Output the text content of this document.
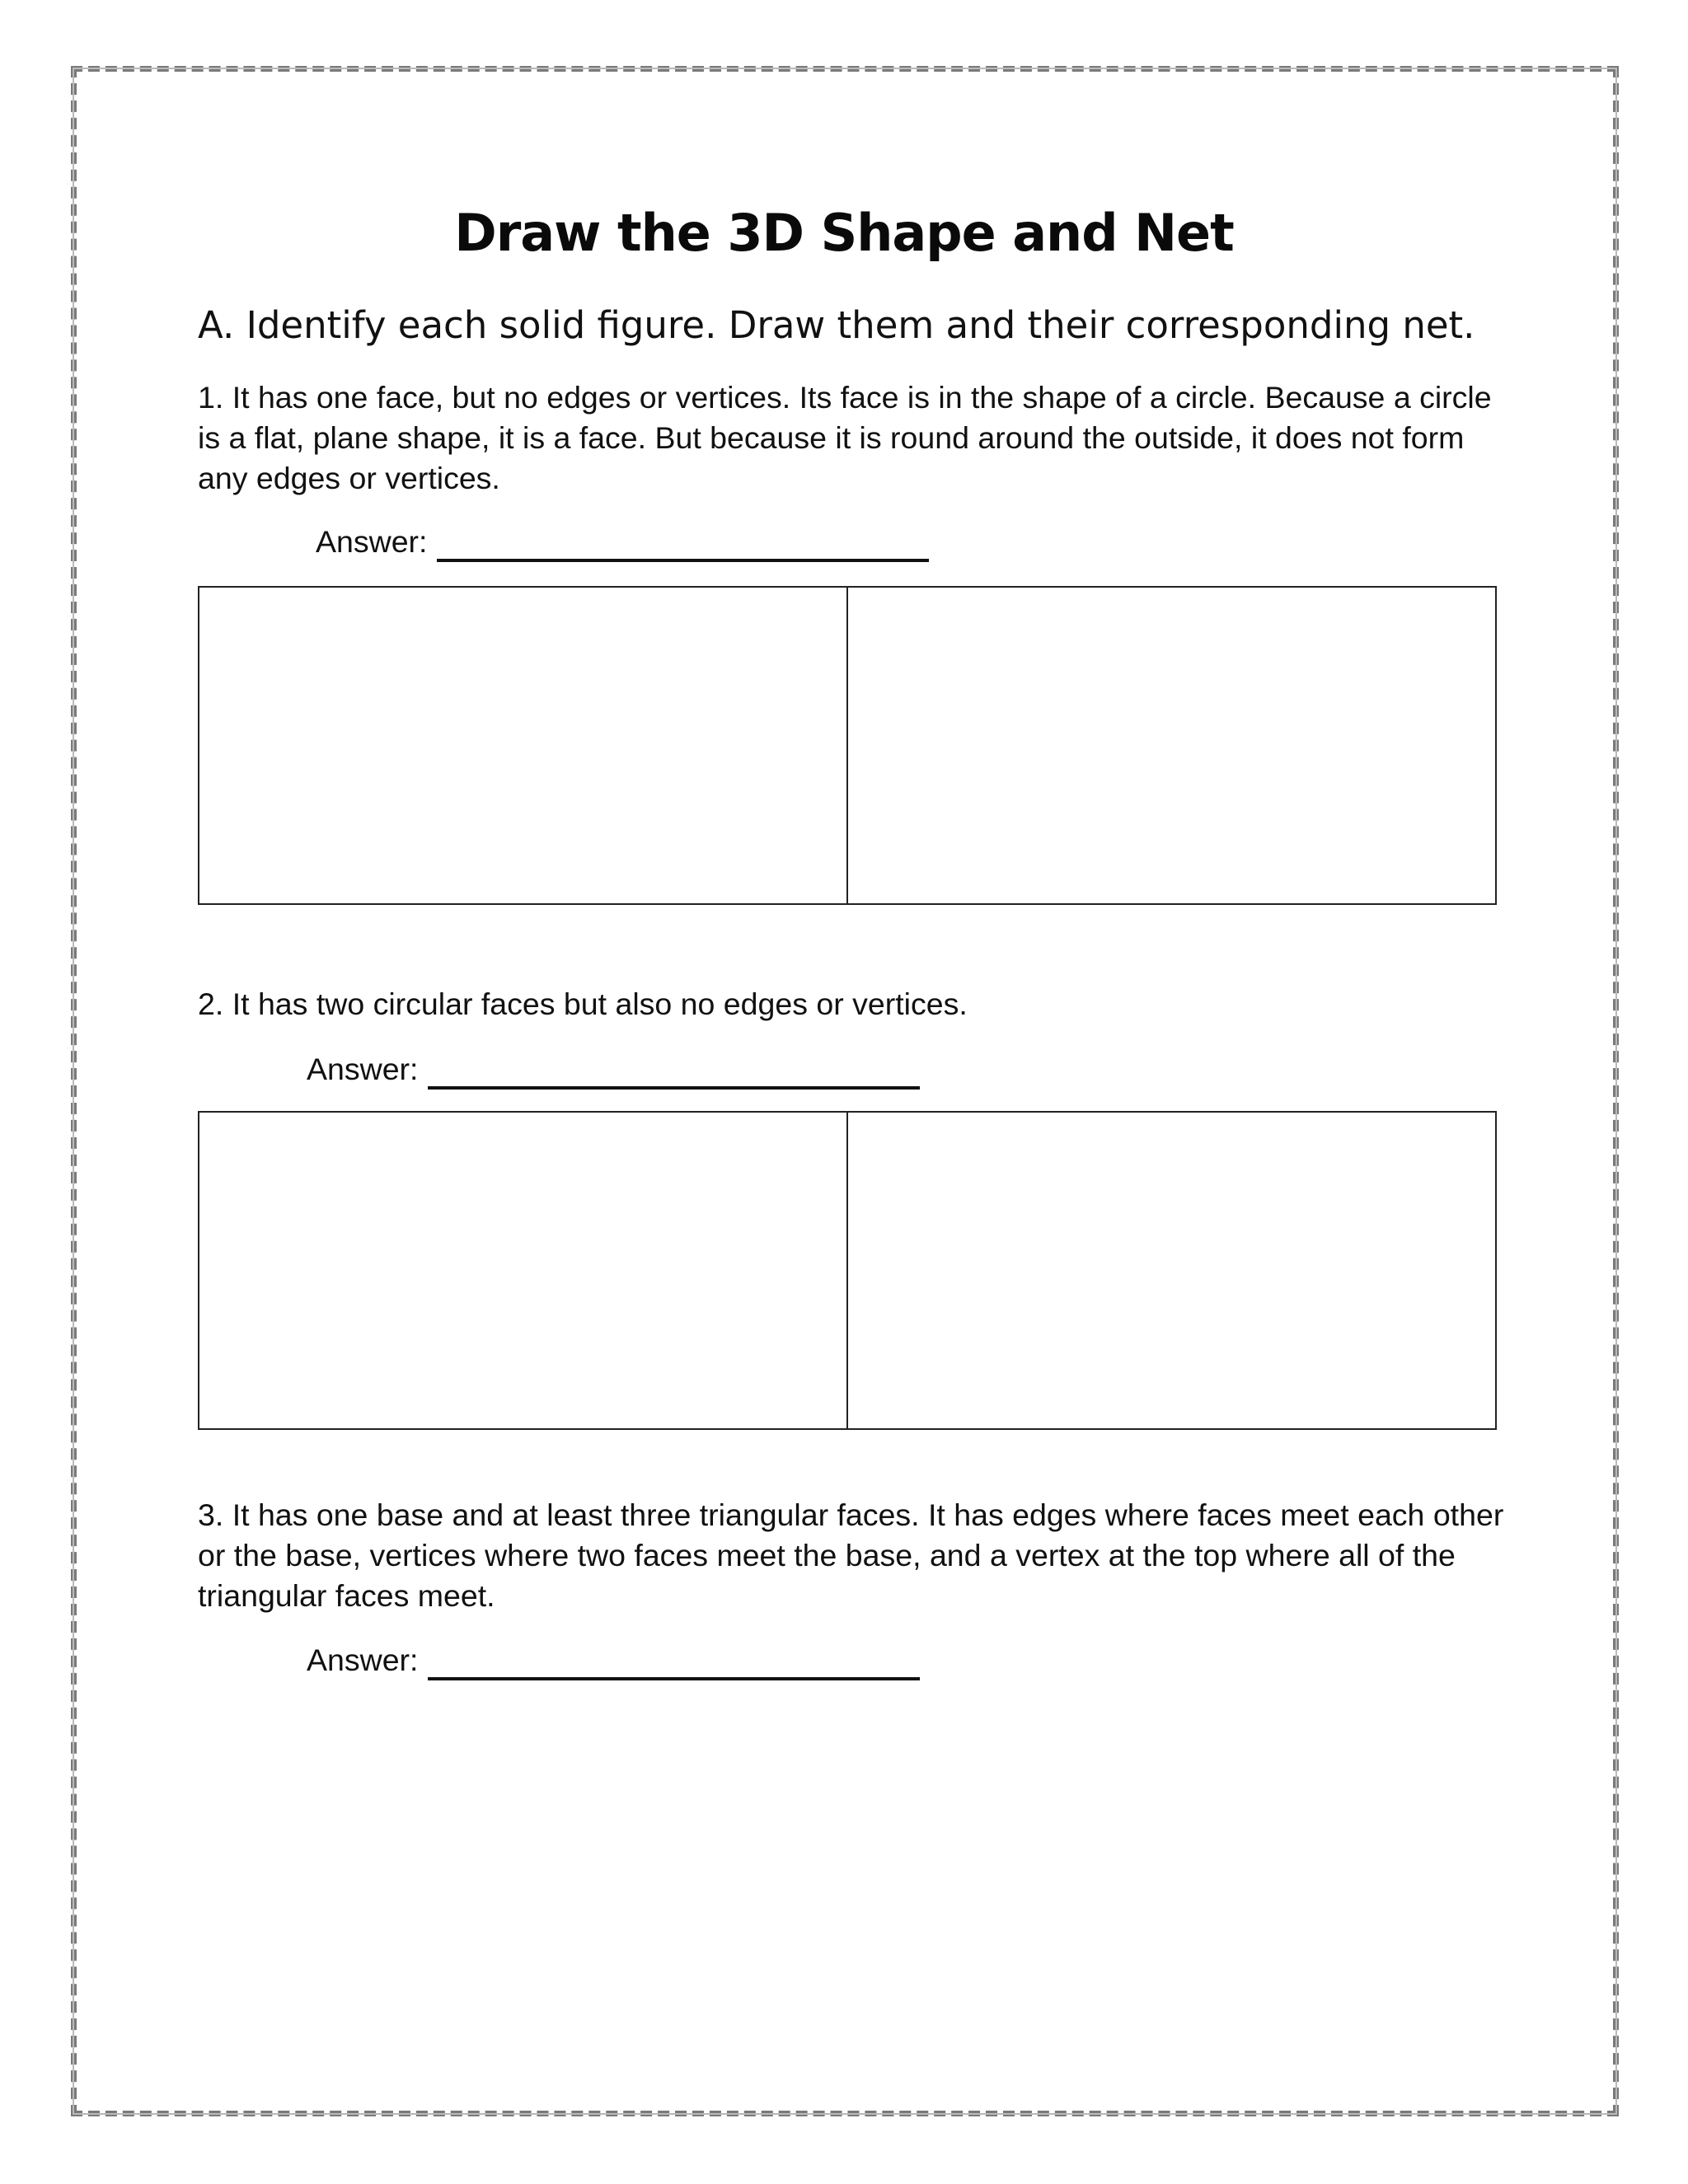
Draw the 3D Shape and Net
A. Identify each solid figure. Draw them and their corresponding net.
1. It has one face, but no edges or vertices. Its face is in the shape of a circle. Because a circle is a flat, plane shape, it is a face. But because it is round around the outside, it does not form any edges or vertices.
Answer:
2. It has two circular faces but also no edges or vertices.
Answer:
3. It has one base and at least three triangular faces. It has edges where faces meet each other or the base, vertices where two faces meet the base, and a vertex at the top where all of the triangular faces meet.
Answer:
